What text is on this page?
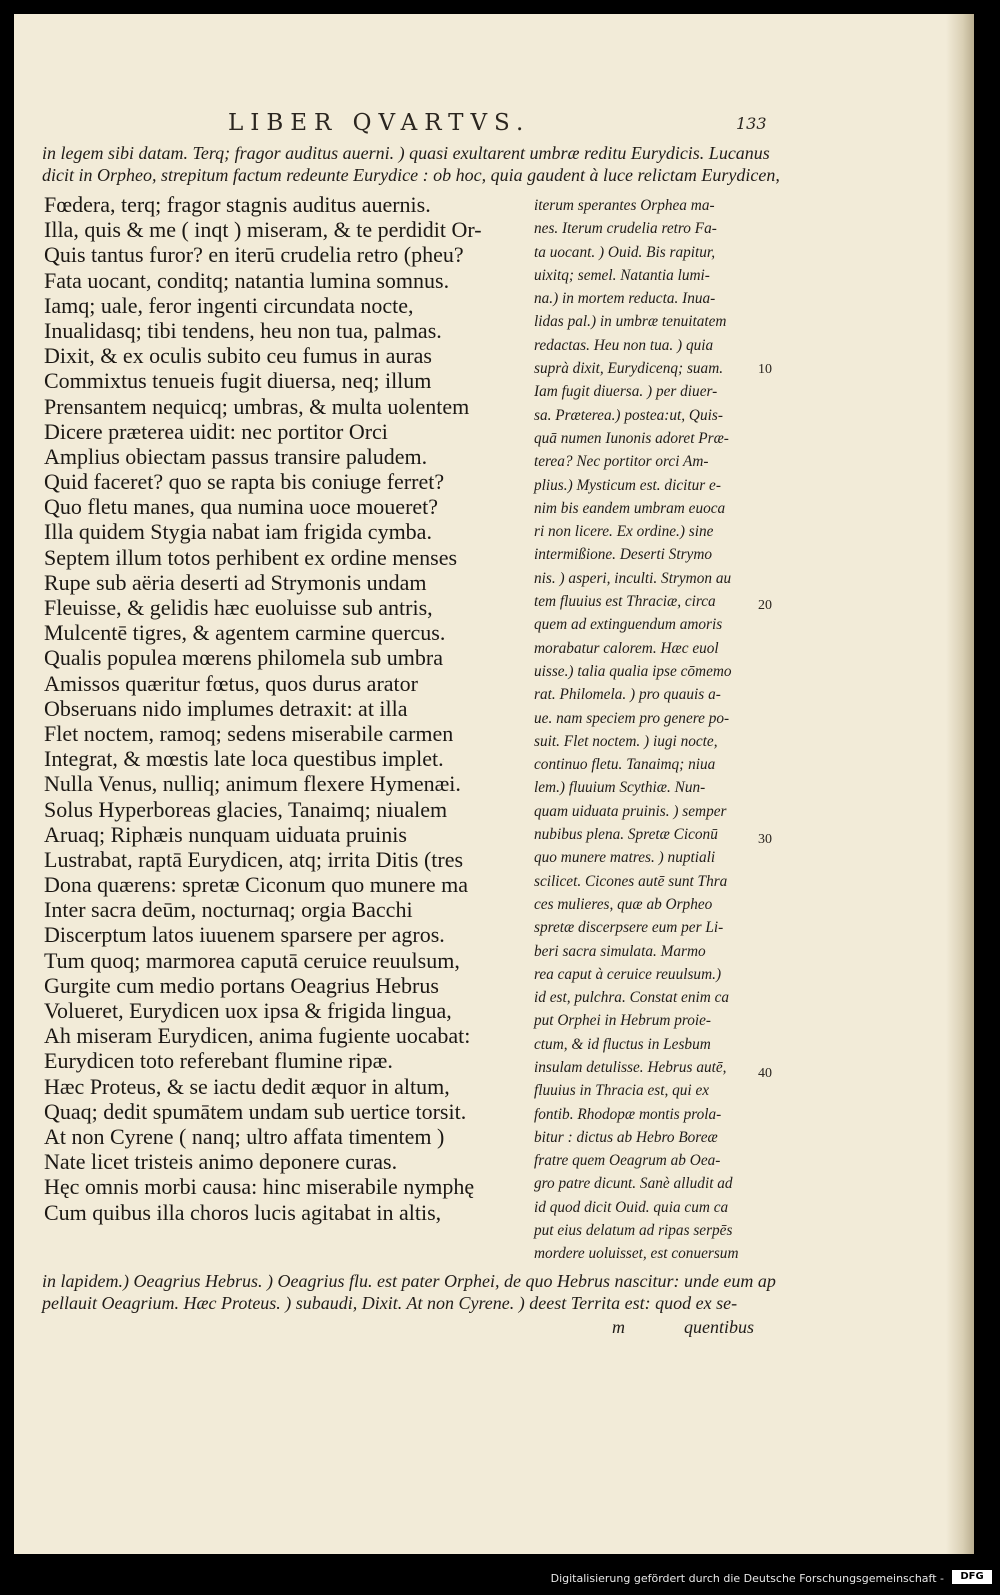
LIBER QVARTVS.	133
in legem sibi datam. Terq; fragor auditus auerni. ) quasi exultarent umbræ reditu Eurydicis. Lucanus
dicit in Orpheo, strepitum factum redeunte Eurydice : ob hoc, quia gaudent à luce relictam Eurydicen,
Fœdera, terq; fragor stagnis auditus auernis.
Illa, quis & me ( inqt ) miseram, & te perdidit Or-
Quis tantus furor? en iterū crudelia retro (pheu?
Fata uocant, conditq; natantia lumina somnus.
Iamq; uale, feror ingenti circundata nocte,
Inualidasq; tibi tendens, heu non tua, palmas.
Dixit, & ex oculis subito ceu fumus in auras
Commixtus tenueis fugit diuersa, neq; illum
Prensantem nequicq; umbras, & multa uolentem
Dicere præterea uidit: nec portitor Orci
Amplius obiectam passus transire paludem.
Quid faceret? quo se rapta bis coniuge ferret?
Quo fletu manes, qua numina uoce moueret?
Illa quidem Stygia nabat iam frigida cymba.
Septem illum totos perhibent ex ordine menses
Rupe sub aëria deserti ad Strymonis undam
Fleuisse, & gelidis hæc euoluisse sub antris,
Mulcentē tigres, & agentem carmine quercus.
Qualis populea mœrens philomela sub umbra
Amissos quæritur fœtus, quos durus arator
Obseruans nido implumes detraxit: at illa
Flet noctem, ramoq; sedens miserabile carmen
Integrat, & mœstis late loca questibus implet.
Nulla Venus, nulliq; animum flexere Hymenæi.
Solus Hyperboreas glacies, Tanaimq; niualem
Aruaq; Riphæis nunquam uiduata pruinis
Lustrabat, raptā Eurydicen, atq; irrita Ditis (tres
Dona quærens: spretæ Ciconum quo munere ma
Inter sacra deūm, nocturnaq; orgia Bacchi
Discerptum latos iuuenem sparsere per agros.
Tum quoq; marmorea caputā ceruice reuulsum,
Gurgite cum medio portans Oeagrius Hebrus
Volueret, Eurydicen uox ipsa & frigida lingua,
Ah miseram Eurydicen, anima fugiente uocabat:
Eurydicen toto referebant flumine ripæ.
Hæc Proteus, & se iactu dedit æquor in altum,
Quaq; dedit spumātem undam sub uertice torsit.
At non Cyrene ( nanq; ultro affata timentem )
Nate licet tristeis animo deponere curas.
Hęc omnis morbi causa: hinc miserabile nymphę
Cum quibus illa choros lucis agitabat in altis,
iterum sperantes Orphea ma-
nes. Iterum crudelia retro Fa-
ta uocant. ) Ouid. Bis rapitur,
uixitq; semel. Natantia lumi-
na.) in mortem reducta. Inua-
lidas pal.) in umbræ tenuitatem
redactas. Heu non tua. ) quia
suprà dixit, Eurydicenq; suam.
Iam fugit diuersa. ) per diuer-
sa. Præterea.) postea:ut, Quis-
quā numen Iunonis adoret Præ-
terea? Nec portitor orci Am-
plius.) Mysticum est. dicitur e-
nim bis eandem umbram euoca
ri non licere. Ex ordine.) sine
intermißione. Deserti Strymo
nis. ) asperi, inculti. Strymon au
tem fluuius est Thraciæ, circa
quem ad extinguendum amoris
morabatur calorem. Hæc euol
uisse.) talia qualia ipse cōmemo
rat. Philomela. ) pro quauis a-
ue. nam speciem pro genere po-
suit. Flet noctem. ) iugi nocte,
continuo fletu. Tanaimq; niua
lem.) fluuium Scythiæ. Nun-
quam uiduata pruinis. ) semper
nubibus plena. Spretæ Ciconū
quo munere matres. ) nuptiali
scilicet. Cicones autē sunt Thra
ces mulieres, quæ ab Orpheo
spretæ discerpsere eum per Li-
beri sacra simulata. Marmo
rea caput à ceruice reuulsum.)
id est, pulchra. Constat enim ca
put Orphei in Hebrum proie-
ctum, & id fluctus in Lesbum
insulam detulisse. Hebrus autē,
fluuius in Thracia est, qui ex
fontib. Rhodopæ montis prola-
bitur : dictus ab Hebro Boreæ
fratre quem Oeagrum ab Oea-
gro patre dicunt. Sanè alludit ad
id quod dicit Ouid. quia cum ca
put eius delatum ad ripas serpēs
mordere uoluisset, est conuersum
10
20
30
40
in lapidem.) Oeagrius Hebrus. ) Oeagrius flu. est pater Orphei, de quo Hebrus nascitur: unde eum ap
pellauit Oeagrium. Hæc Proteus. ) subaudi, Dixit. At non Cyrene. ) deest Territa est: quod ex se-
m	quentibus
Digitalisierung gefördert durch die Deutsche Forschungsgemeinschaft -	DFG
